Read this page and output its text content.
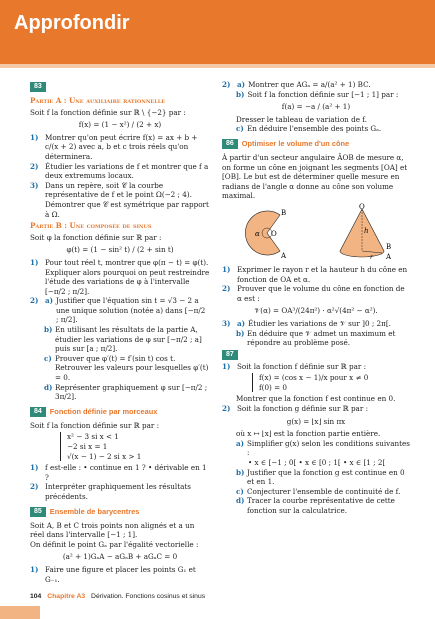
Approfondir
83

Partie A : Une auxiliaire rationnelle

Soit f la fonction définie sur ℝ \ {−2} par :

f(x) = (1 − x²) / (2 + x)

1) Montrer qu'on peut écrire f(x) = ax + b + c/(x + 2) avec a, b et c trois réels qu'on déterminera.

2) Étudier les variations de f et montrer que f a deux extremums locaux.

3) Dans un repère, soit 𝒞 la courbe représentative de f et le point Ω(−2 ; 4). Démontrer que 𝒞 est symétrique par rapport à Ω.

Partie B : Une composée de sinus

Soit φ la fonction définie sur ℝ par :

φ(t) = (1 − sin² t) / (2 + sin t)

1) Pour tout réel t, montrer que φ(π − t) = φ(t). Expliquer alors pourquoi on peut restreindre l'étude des variations de φ à l'intervalle [−π/2 ; π/2].

2) a) Justifier que l'équation sin t = √3 − 2 a une unique solution (notée a) dans [−π/2 ; π/2].

b) En utilisant les résultats de la partie A, étudier les variations de φ sur [−π/2 ; a] puis sur [a ; π/2].

c) Prouver que φ′(t) = f′(sin t) cos t. Retrouver les valeurs pour lesquelles φ′(t) = 0.

d) Représenter graphiquement φ sur [−π/2 ; 3π/2].

84	Fonction définie par morceaux

Soit f la fonction définie sur ℝ par :

x² − 3 si x < 1

−2 si x = 1

√(x − 1) − 2 si x > 1

1) f est-elle : • continue en 1 ? • dérivable en 1 ?

2) Interpréter graphiquement les résultats précédents.

85	Ensemble de barycentres

Soit A, B et C trois points non alignés et a un réel dans l'intervalle [−1 ; 1].

On définit le point Gₐ par l'égalité vectorielle :

(a² + 1)GₐA − aGₐB + aGₐC = 0

1) Faire une figure et placer les points G₁ et G₋₁.

2) a) Montrer que AGₐ = a/(a² + 1) BC.

b) Soit f la fonction définie sur [−1 ; 1] par :

f(a) = −a / (a² + 1)

Dresser le tableau de variation de f.

c) En déduire l'ensemble des points Gₐ.

86	Optimiser le volume d'un cône

À partir d'un secteur angulaire ÂOB de mesure α, on forme un cône en joignant les segments [OA] et [OB]. Le but est de déterminer quelle mesure en radians de l'angle α donne au cône son volume maximal.

B
A
O
α
O
h
r
B
A
1) Exprimer le rayon r et la hauteur h du cône en fonction de OA et α.

2) Prouver que le volume du cône en fonction de α est :

𝒱(α) = OA³/(24π²) · α²√(4π² − α²).

3) a) Étudier les variations de 𝒱 sur ]0 ; 2π[.

b) En déduire que 𝒱 admet un maximum et répondre au problème posé.

87
1) Soit la fonction f définie sur ℝ par :

f(x) = (cos x − 1)/x pour x ≠ 0

f(0) = 0

Montrer que la fonction f est continue en 0.

2) Soit la fonction g définie sur ℝ par :

g(x) = ⌊x⌋ sin πx

où x ↦ ⌊x⌋ est la fonction partie entière.

a) Simplifier g(x) selon les conditions suivantes :

• x ∈ [−1 ; 0[ • x ∈ [0 ; 1[ • x ∈ [1 ; 2[

b) Justifier que la fonction g est continue en 0 et en 1.

c) Conjecturer l'ensemble de continuité de f.

d) Tracer la courbe représentative de cette fonction sur la calculatrice.

104 Chapitre A3 Dérivation. Fonctions cosinus et sinus
